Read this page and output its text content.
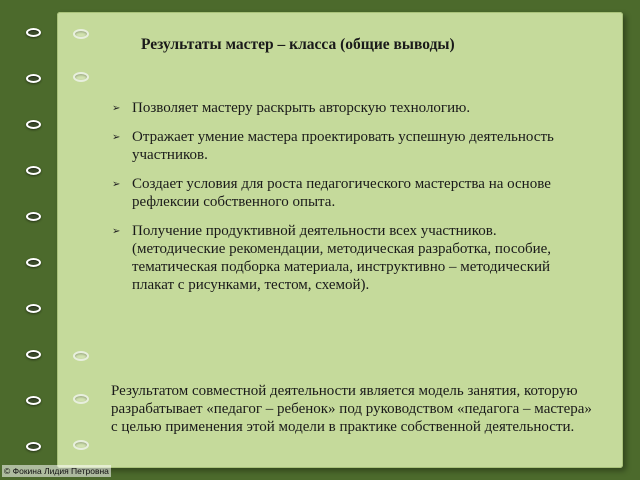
Результаты мастер – класса (общие выводы)
➢ Позволяет мастеру раскрыть авторскую технологию.
➢ Отражает умение мастера проектировать успешную деятельность участников.
➢ Создает условия для роста педагогического мастерства на основе рефлексии собственного опыта.
➢ Получение продуктивной деятельности всех участников. (методические рекомендации, методическая разработка, пособие, тематическая подборка материала, инструктивно – методический плакат с рисунками, тестом, схемой).

Результатом совместной деятельности является модель занятия, которую разрабатывает «педагог – ребенок» под руководством «педагога – мастера» с целью применения этой модели в практике собственной деятельности.

© Фокина Лидия Петровна
